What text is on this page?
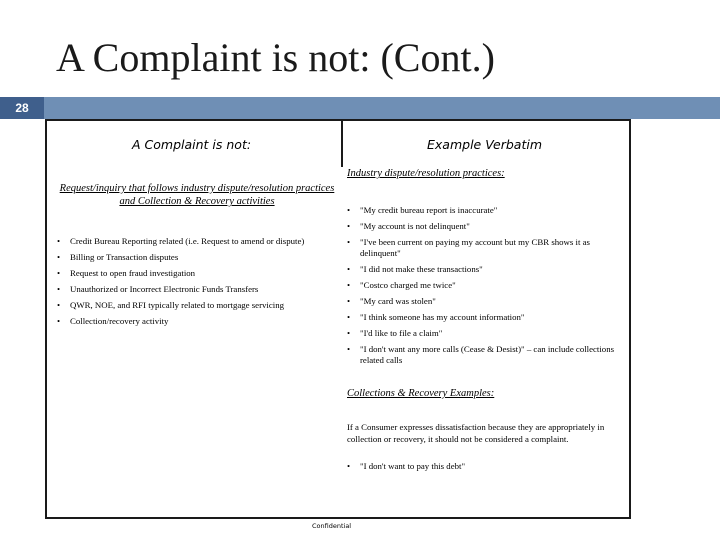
A Complaint is not: (Cont.)
28
A Complaint is not:	Example Verbatim
Request/inquiry that follows industry dispute/resolution practices and Collection & Recovery activities
• Credit Bureau Reporting related (i.e. Request to amend or dispute)
• Billing or Transaction disputes
• Request to open fraud investigation
• Unauthorized or Incorrect Electronic Funds Transfers
• QWR, NOE, and RFI typically related to mortgage servicing
• Collection/recovery activity
Industry dispute/resolution practices:
• "My credit bureau report is inaccurate"
• "My account is not delinquent"
• "I've been current on paying my account but my CBR shows it as delinquent"
• "I did not make these transactions"
• "Costco charged me twice"
• "My card was stolen"
• "I think someone has my account information"
• "I'd like to file a claim"
• "I don't want any more calls (Cease & Desist)" – can include collections related calls
Collections & Recovery Examples:
If a Consumer expresses dissatisfaction because they are appropriately in collection or recovery, it should not be considered a complaint.
• "I don't want to pay this debt"
Confidential
